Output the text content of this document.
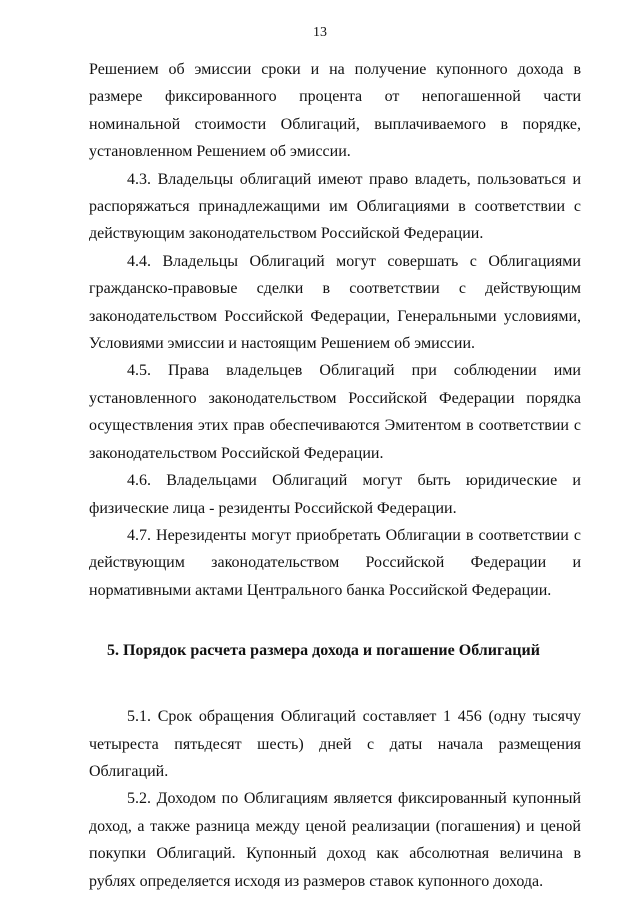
13

Решением об эмиссии сроки и на получение купонного дохода в размере фиксированного процента от непогашенной части номинальной стоимости Облигаций, выплачиваемого в порядке, установленном Решением об эмиссии.

4.3. Владельцы облигаций имеют право владеть, пользоваться и распоряжаться принадлежащими им Облигациями в соответствии с действующим законодательством Российской Федерации.

4.4. Владельцы Облигаций могут совершать с Облигациями гражданско-правовые сделки в соответствии с действующим законодательством Российской Федерации, Генеральными условиями, Условиями эмиссии и настоящим Решением об эмиссии.

4.5. Права владельцев Облигаций при соблюдении ими установленного законодательством Российской Федерации порядка осуществления этих прав обеспечиваются Эмитентом в соответствии с законодательством Российской Федерации.

4.6. Владельцами Облигаций могут быть юридические и физические лица - резиденты Российской Федерации.

4.7. Нерезиденты могут приобретать Облигации в соответствии с действующим законодательством Российской Федерации и нормативными актами Центрального банка Российской Федерации.

5. Порядок расчета размера дохода и погашение Облигаций

5.1. Срок обращения Облигаций составляет 1 456 (одну тысячу четыреста пятьдесят шесть) дней с даты начала размещения Облигаций.

5.2. Доходом по Облигациям является фиксированный купонный доход, а также разница между ценой реализации (погашения) и ценой покупки Облигаций. Купонный доход как абсолютная величина в рублях определяется исходя из размеров ставок купонного дохода.
